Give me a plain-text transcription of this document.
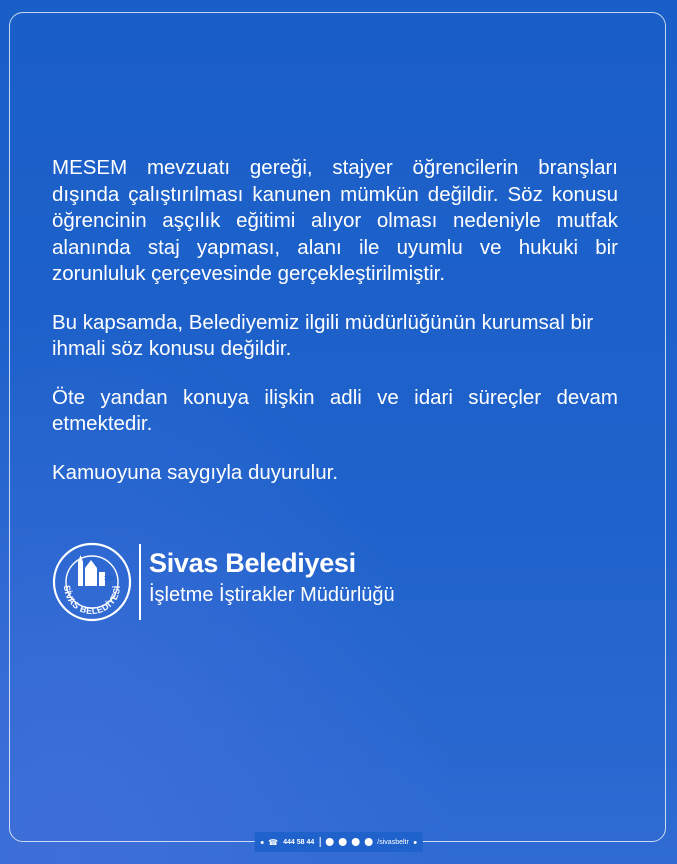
MESEM mevzuatı gereği, stajyer öğrencilerin branşları dışında çalıştırılması kanunen mümkün değildir. Söz konusu öğrencinin aşçılık eğitimi alıyor olması nedeniyle mutfak alanında staj yapması, alanı ile uyumlu ve hukuki bir zorunluluk çerçevesinde gerçekleştirilmiştir.

Bu kapsamda, Belediyemiz ilgili müdürlüğünün kurumsal bir ihmali söz konusu değildir.

Öte yandan konuya ilişkin adli ve idari süreçler devam etmektedir.

Kamuoyuna saygıyla duyurulur.

SİVAS BELEDİYESİ
1920
Sivas Belediyesi
İşletme İştirakler Müdürlüğü
☎ 444 58 44	/sivasbeltr
